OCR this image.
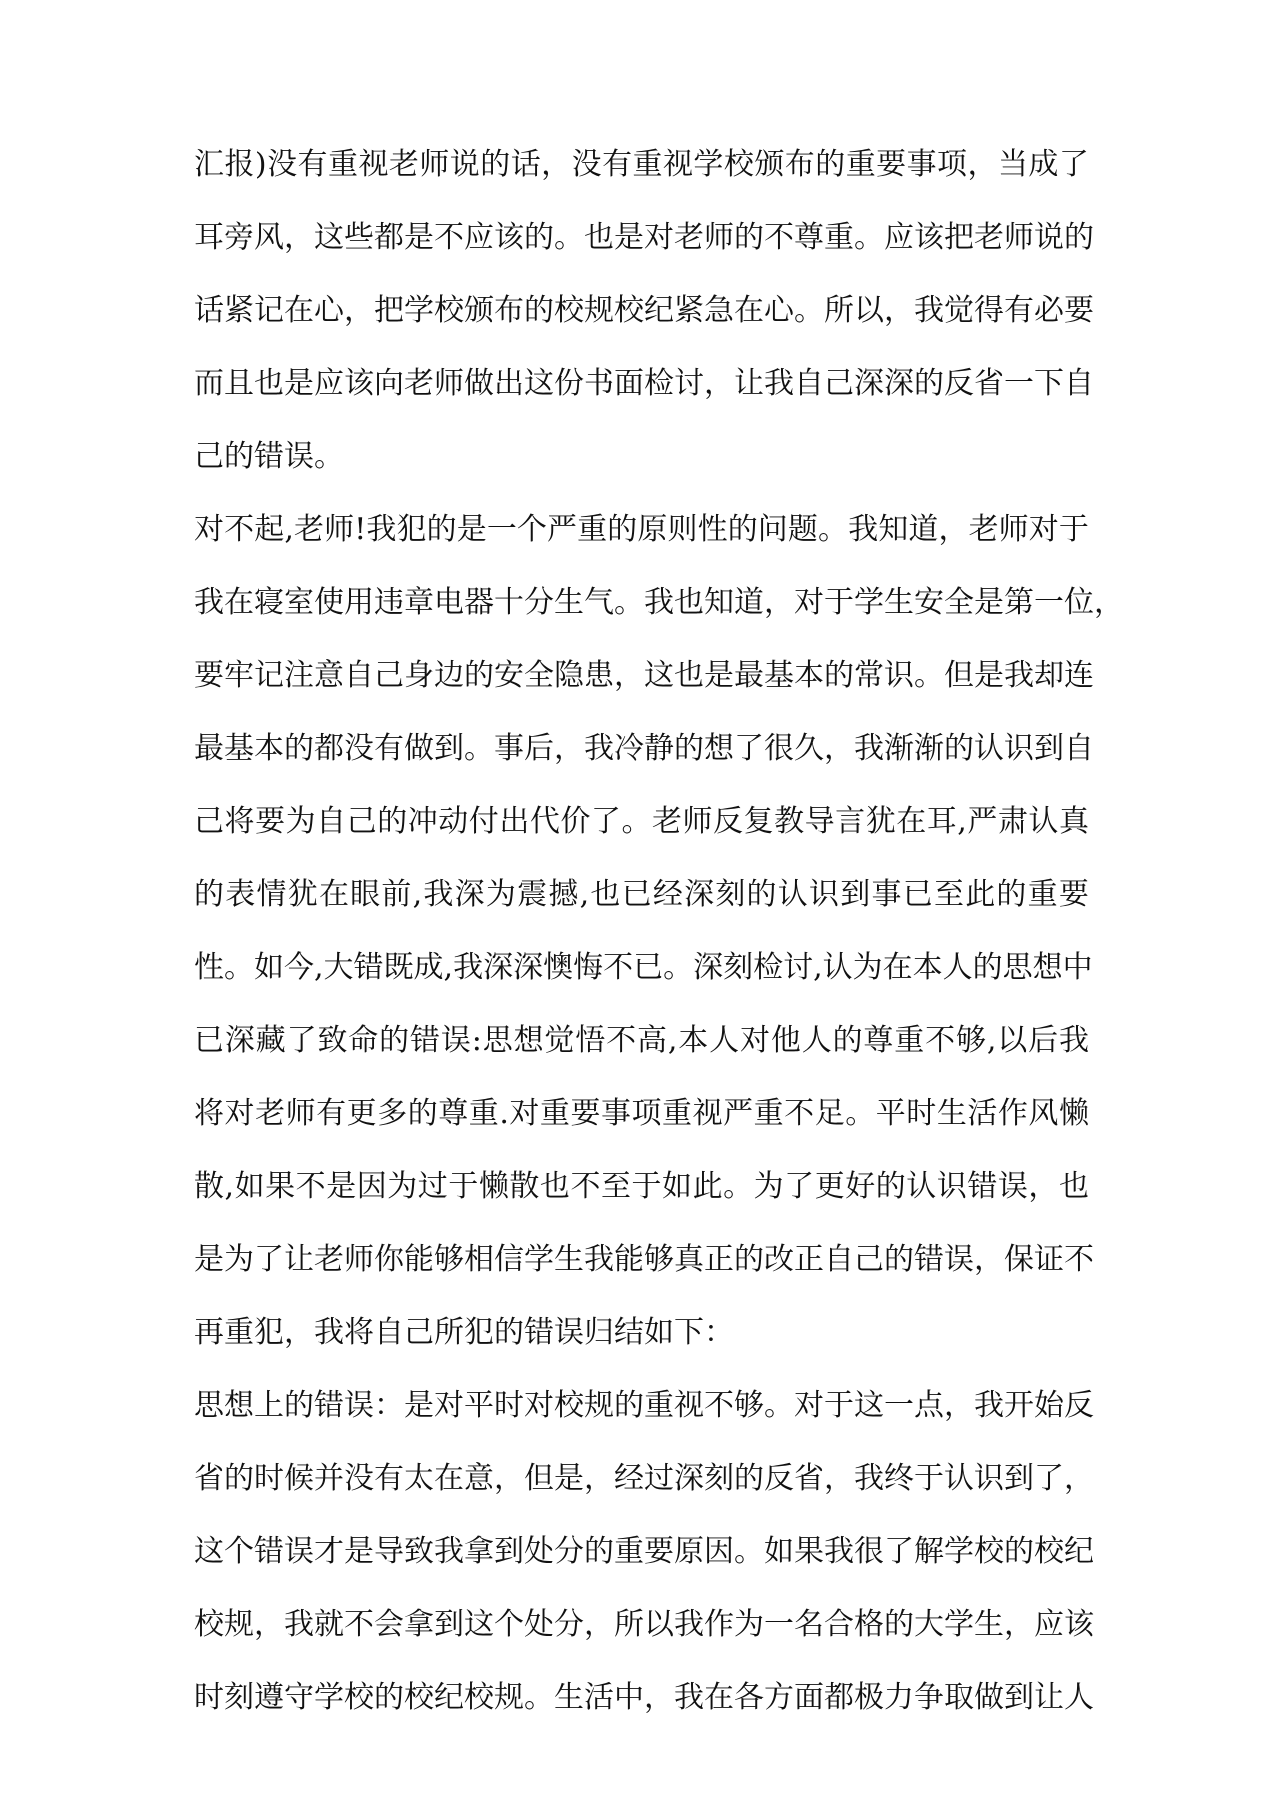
汇 报 ) 没 有 重 视 老 师 说 的 话 ， 没 有 重 视 学 校 颁 布 的 重 要 事 项 ， 当 成 了
耳 旁 风 ， 这 些 都 是 不 应 该 的 。 也 是 对 老 师 的 不 尊 重 。 应 该 把 老 师 说 的
话 紧 记 在 心 ， 把 学 校 颁 布 的 校 规 校 纪 紧 急 在 心 。 所 以 ， 我 觉 得 有 必 要
而 且 也 是 应 该 向 老 师 做 出 这 份 书 面 检 讨 ， 让 我 自 己 深 深 的 反 省 一 下 自
己的错误。
对 不 起 , 老 师 ! 我 犯 的 是 一 个 严 重 的 原 则 性 的 问 题 。 我 知 道 ， 老 师 对 于
我 在 寝 室 使 用 违 章 电 器 十 分 生 气 。 我 也 知 道 ， 对 于 学 生 安 全 是 第 一 位 ，
要 牢 记 注 意 自 己 身 边 的 安 全 隐 患 ， 这 也 是 最 基 本 的 常 识 。 但 是 我 却 连
最 基 本 的 都 没 有 做 到 。 事 后 ， 我 冷 静 的 想 了 很 久 ， 我 渐 渐 的 认 识 到 自
己 将 要 为 自 己 的 冲 动 付 出 代 价 了 。 老 师 反 复 教 导 言 犹 在 耳 , 严 肃 认 真
的 表 情 犹 在 眼 前 , 我 深 为 震 撼 , 也 已 经 深 刻 的 认 识 到 事 已 至 此 的 重 要
性 。 如 今 , 大 错 既 成 , 我 深 深 懊 悔 不 已 。 深 刻 检 讨 , 认 为 在 本 人 的 思 想 中
已 深 藏 了 致 命 的 错 误 : 思 想 觉 悟 不 高 , 本 人 对 他 人 的 尊 重 不 够 , 以 后 我
将 对 老 师 有 更 多 的 尊 重 . 对 重 要 事 项 重 视 严 重 不 足 。 平 时 生 活 作 风 懒
散 , 如 果 不 是 因 为 过 于 懒 散 也 不 至 于 如 此 。 为 了 更 好 的 认 识 错 误 ， 也
是 为 了 让 老 师 你 能 够 相 信 学 生 我 能 够 真 正 的 改 正 自 己 的 错 误 ， 保 证 不
再重犯，我将自己所犯的错误归结如下：
思 想 上 的 错 误 ： 是 对 平 时 对 校 规 的 重 视 不 够 。 对 于 这 一 点 ， 我 开 始 反
省 的 时 候 并 没 有 太 在 意 ， 但 是 ， 经 过 深 刻 的 反 省 ， 我 终 于 认 识 到 了 ，
这 个 错 误 才 是 导 致 我 拿 到 处 分 的 重 要 原 因 。 如 果 我 很 了 解 学 校 的 校 纪
校 规 ， 我 就 不 会 拿 到 这 个 处 分 ， 所 以 我 作 为 一 名 合 格 的 大 学 生 ， 应 该
时 刻 遵 守 学 校 的 校 纪 校 规 。 生 活 中 ， 我 在 各 方 面 都 极 力 争 取 做 到 让 人
